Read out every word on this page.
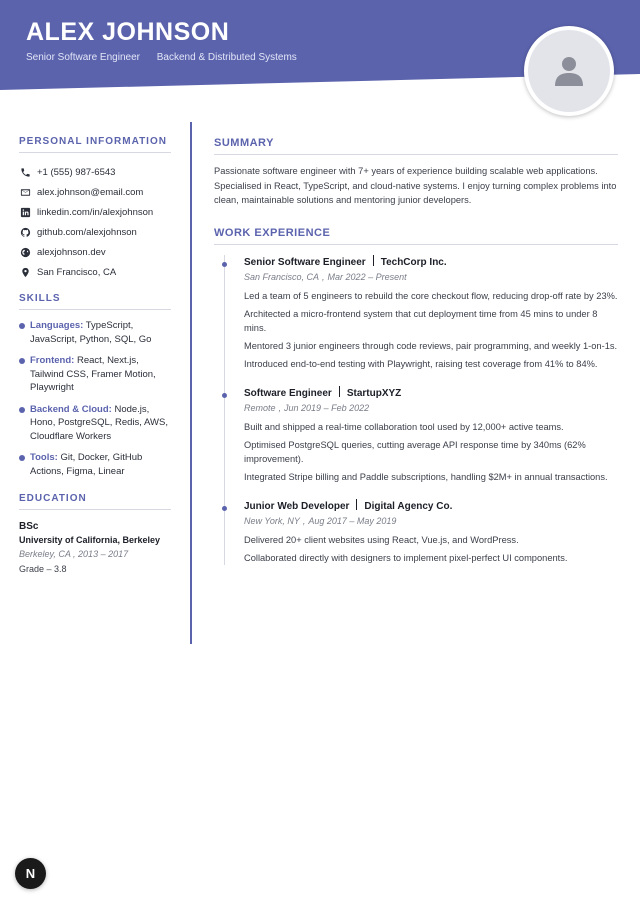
ALEX JOHNSON
Senior Software Engineer Backend & Distributed Systems
PERSONAL INFORMATION
+1 (555) 987-6543
alex.johnson@email.com
linkedin.com/in/alexjohnson
github.com/alexjohnson
alexjohnson.dev
San Francisco, CA
SKILLS
Languages: TypeScript, JavaScript, Python, SQL, Go
Frontend: React, Next.js, Tailwind CSS, Framer Motion, Playwright
Backend & Cloud: Node.js, Hono, PostgreSQL, Redis, AWS, Cloudflare Workers
Tools: Git, Docker, GitHub Actions, Figma, Linear
EDUCATION
BSc
University of California, Berkeley
Berkeley, CA , 2013 – 2017
Grade – 3.8
SUMMARY
Passionate software engineer with 7+ years of experience building scalable web applications. Specialised in React, TypeScript, and cloud-native systems. I enjoy turning complex problems into clean, maintainable solutions and mentoring junior developers.
WORK EXPERIENCE
Senior Software Engineer TechCorp Inc.
San Francisco, CA , Mar 2022 – Present
Led a team of 5 engineers to rebuild the core checkout flow, reducing drop-off rate by 23%.
Architected a micro-frontend system that cut deployment time from 45 mins to under 8 mins.
Mentored 3 junior engineers through code reviews, pair programming, and weekly 1-on-1s.
Introduced end-to-end testing with Playwright, raising test coverage from 41% to 84%.
Software Engineer StartupXYZ
Remote , Jun 2019 – Feb 2022
Built and shipped a real-time collaboration tool used by 12,000+ active teams.
Optimised PostgreSQL queries, cutting average API response time by 340ms (62% improvement).
Integrated Stripe billing and Paddle subscriptions, handling $2M+ in annual transactions.
Junior Web Developer Digital Agency Co.
New York, NY , Aug 2017 – May 2019
Delivered 20+ client websites using React, Vue.js, and WordPress.
Collaborated directly with designers to implement pixel-perfect UI components.
N
